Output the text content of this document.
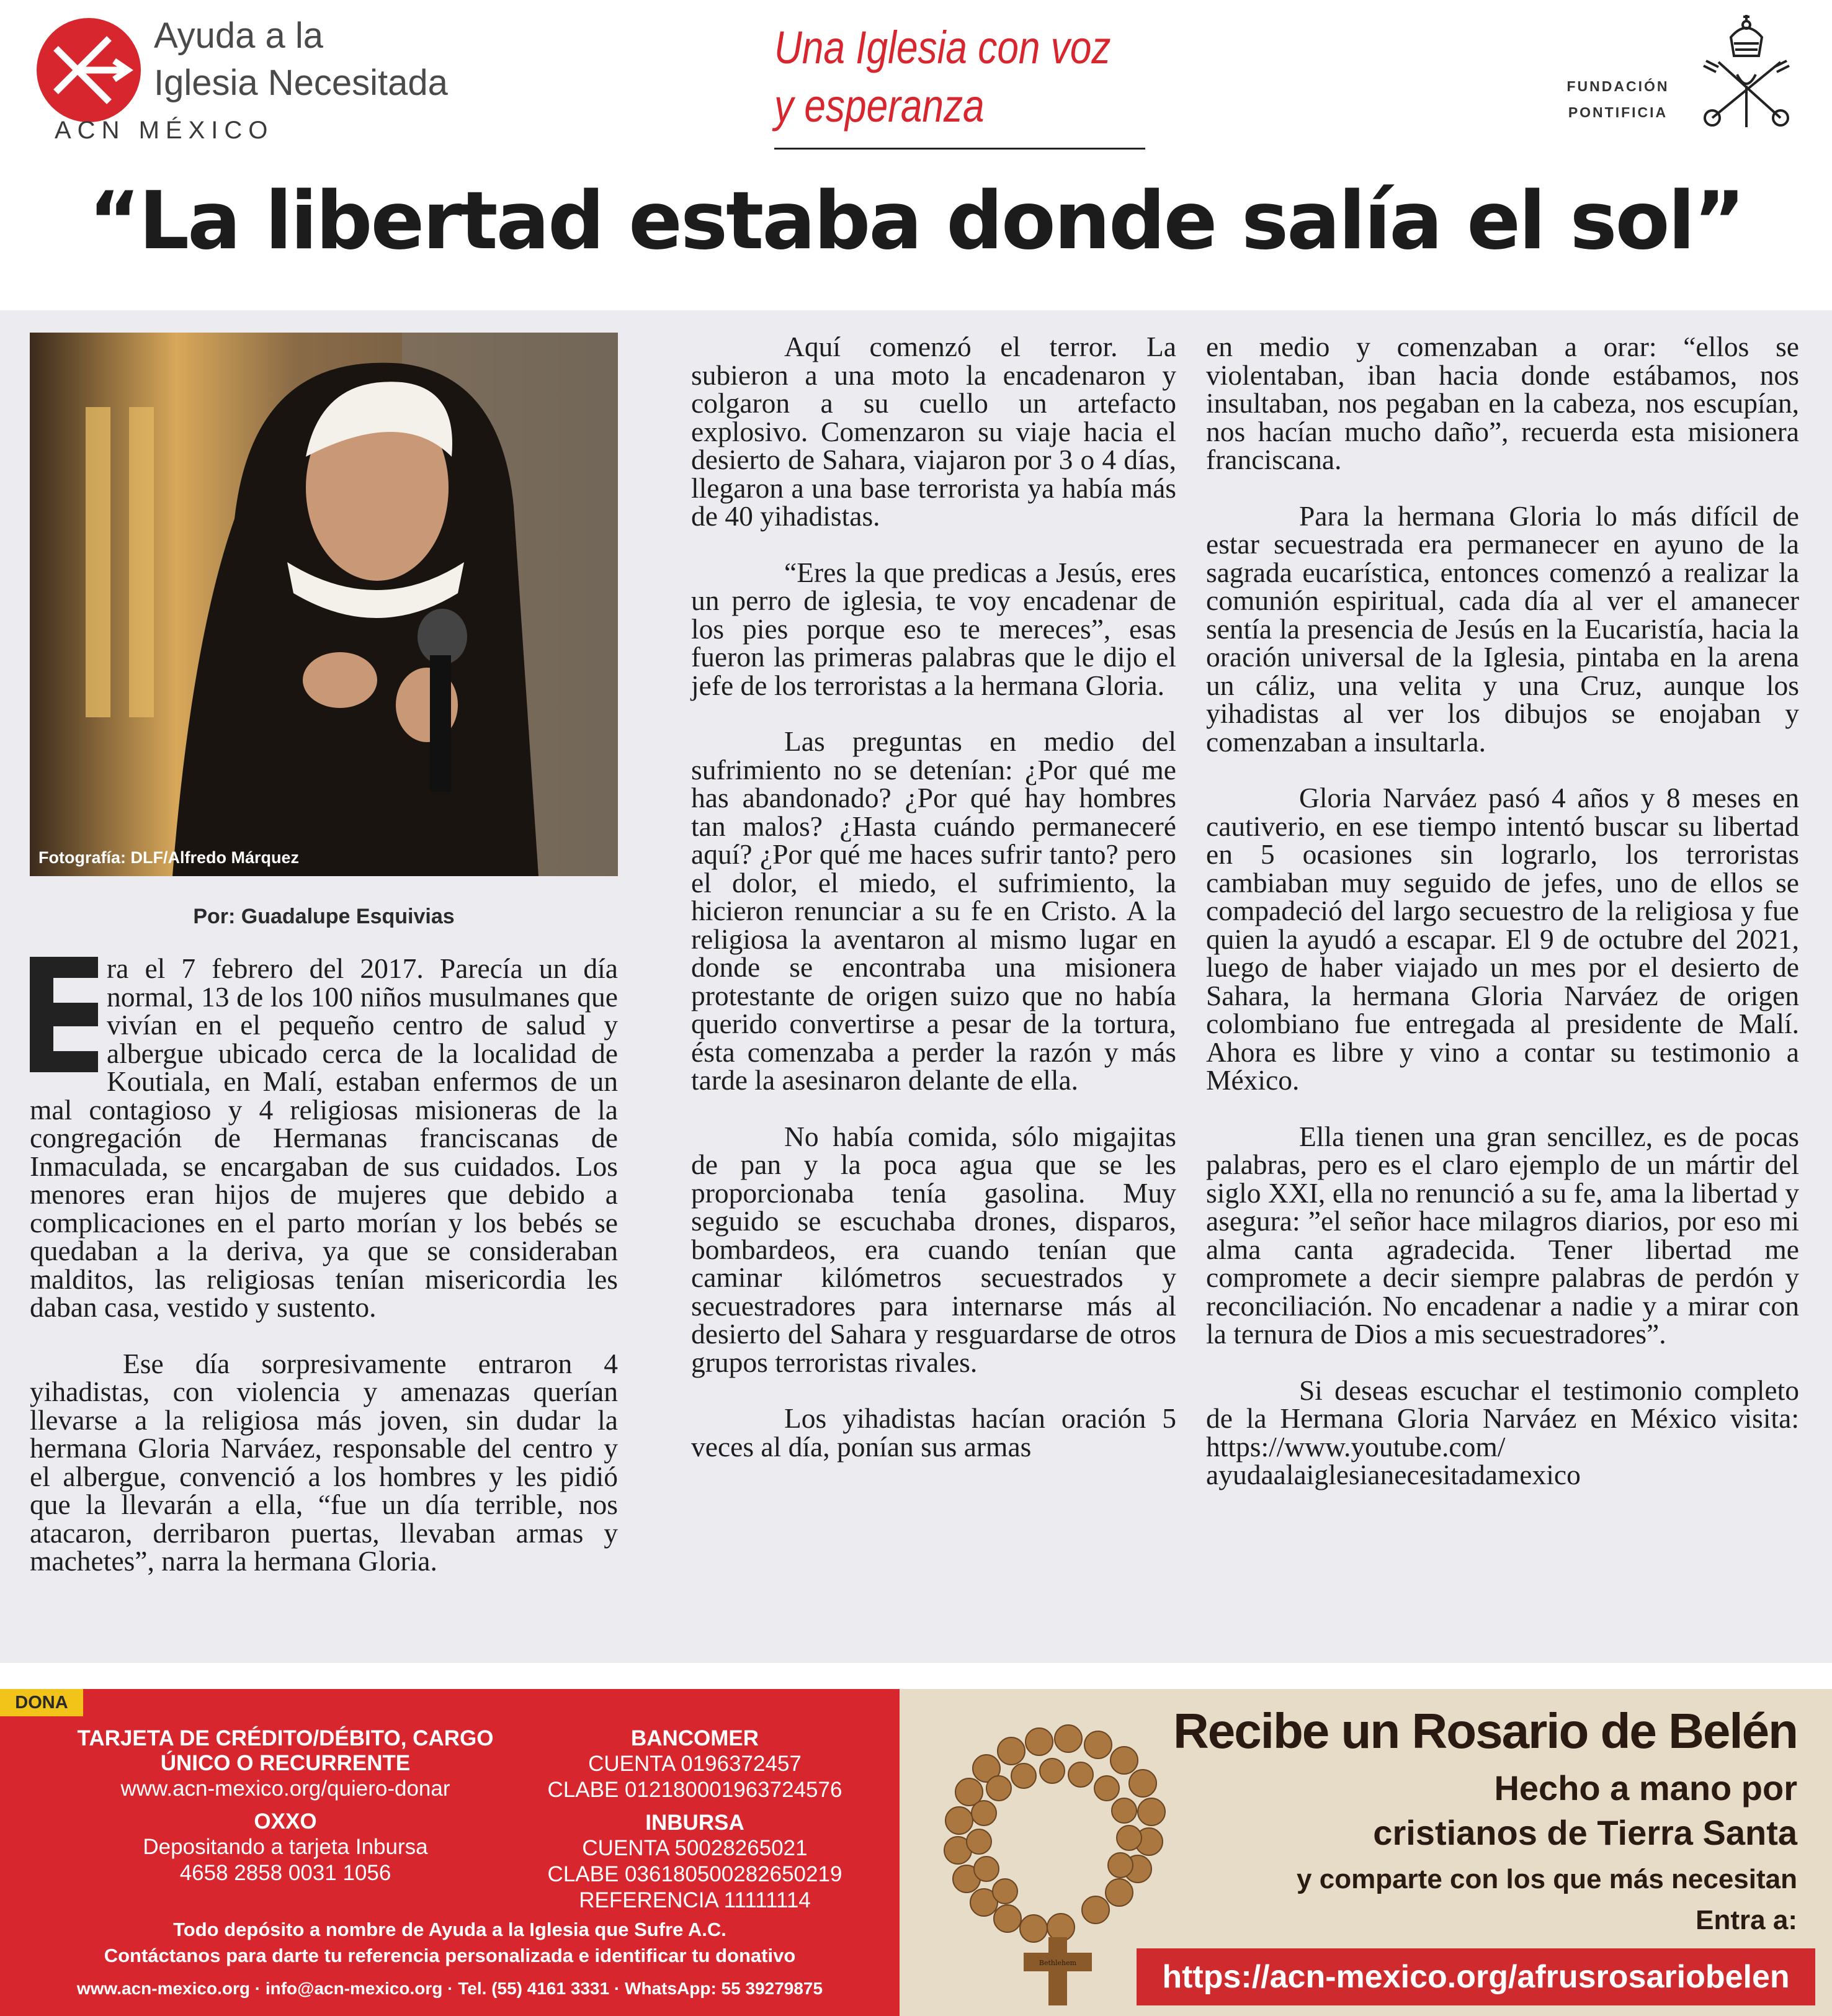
Ayuda a la
Iglesia Necesitada
ACN MÉXICO
Una Iglesia con voz
y esperanza	FUNDACIÓN
PONTIFICIA
“La libertad estaba donde salía el sol”
Fotografía: DLF/Alfredo Márquez
Por: Guadalupe Esquivias

ra el 7 febrero del 2017. Parecía un día normal, 13 de los 100 niños musulmanes que vivían en el pequeño centro de salud y albergue ubicado cerca de la localidad de Koutiala, en Malí, estaban enfermos de un mal contagioso y 4 religiosas misioneras de la congregación de Hermanas franciscanas de Inmaculada, se encargaban de sus cuidados. Los menores eran hijos de mujeres que debido a complicaciones en el parto morían y los bebés se quedaban a la deriva, ya que se consideraban malditos, las religiosas tenían misericordia les daban casa, vestido y sustento.

Ese día sorpresivamente entraron 4 yihadistas, con violencia y amenazas querían llevarse a la religiosa más joven, sin dudar la hermana Gloria Narváez, responsable del centro y el albergue, convenció a los hombres y les pidió que la llevarán a ella, “fue un día terrible, nos atacaron, derribaron puertas, llevaban armas y machetes”, narra la hermana Gloria.

Aquí comenzó el terror. La subieron a una moto la encadenaron y colgaron a su cuello un artefacto explosivo. Comenzaron su viaje hacia el desierto de Sahara, viajaron por 3 o 4 días, llegaron a una base terrorista ya había más de 40 yihadistas.

“Eres la que predicas a Jesús, eres un perro de iglesia, te voy encadenar de los pies porque eso te mereces”, esas fueron las primeras palabras que le dijo el jefe de los terroristas a la hermana Gloria.

Las preguntas en medio del sufrimiento no se detenían: ¿Por qué me has abandonado? ¿Por qué hay hombres tan malos? ¿Hasta cuándo permaneceré aquí? ¿Por qué me haces sufrir tanto? pero el dolor, el miedo, el sufrimiento, la hicieron renunciar a su fe en Cristo. A la religiosa la aventaron al mismo lugar en donde se encontraba una misionera protestante de origen suizo que no había querido convertirse a pesar de la tortura, ésta comenzaba a perder la razón y más tarde la asesinaron delante de ella.

No había comida, sólo migajitas de pan y la poca agua que se les proporcionaba tenía gasolina. Muy seguido se escuchaba drones, disparos, bombardeos, era cuando tenían que caminar kilómetros secuestrados y secuestradores para internarse más al desierto del Sahara y resguardarse de otros grupos terroristas rivales.

Los yihadistas hacían oración 5 veces al día, ponían sus armas

en medio y comenzaban a orar: “ellos se violentaban, iban hacia donde estábamos, nos insultaban, nos pegaban en la cabeza, nos escupían, nos hacían mucho daño”, recuerda esta misionera franciscana.

Para la hermana Gloria lo más difícil de estar secuestrada era permanecer en ayuno de la sagrada eucarística, entonces comenzó a realizar la comunión espiritual, cada día al ver el amanecer sentía la presencia de Jesús en la Eucaristía, hacia la oración universal de la Iglesia, pintaba en la arena un cáliz, una velita y una Cruz, aunque los yihadistas al ver los dibujos se enojaban y comenzaban a insultarla.

Gloria Narváez pasó 4 años y 8 meses en cautiverio, en ese tiempo intentó buscar su libertad en 5 ocasiones sin lograrlo, los terroristas cambiaban muy seguido de jefes, uno de ellos se compadeció del largo secuestro de la religiosa y fue quien la ayudó a escapar. El 9 de octubre del 2021, luego de haber viajado un mes por el desierto de Sahara, la hermana Gloria Narváez de origen colombiano fue entregada al presidente de Malí. Ahora es libre y vino a contar su testimonio a México.

Ella tienen una gran sencillez, es de pocas palabras, pero es el claro ejemplo de un mártir del siglo XXI, ella no renunció a su fe, ama la libertad y asegura: ”el señor hace milagros diarios, por eso mi alma canta agradecida. Tener libertad me compromete a decir siempre palabras de perdón y reconciliación. No encadenar a nadie y a mirar con la ternura de Dios a mis secuestradores”.

Si deseas escuchar el testimonio completo de la Hermana Gloria Narváez en México visita: https://www.youtube.com/ ayudaalaiglesianecesitadamexico

DONA
TARJETA DE CRÉDITO/DÉBITO, CARGO
ÚNICO O RECURRENTE
www.acn-mexico.org/quiero-donar
OXXO
Depositando a tarjeta Inbursa
4658 2858 0031 1056
BANCOMER
CUENTA 0196372457
CLABE 012180001963724576
INBURSA
CUENTA 50028265021
CLABE 036180500282650219
REFERENCIA 11111114
Todo depósito a nombre de Ayuda a la Iglesia que Sufre A.C.
Contáctanos para darte tu referencia personalizada e identificar tu donativo
www.acn-mexico.org · info@acn-mexico.org · Tel. (55) 4161 3331 · WhatsApp: 55 39279875
Bethlehem
Recibe un Rosario de Belén
Hecho a mano por
cristianos de Tierra Santa
y comparte con los que más necesitan
Entra a:
https://acn-mexico.org/afrusrosariobelen
